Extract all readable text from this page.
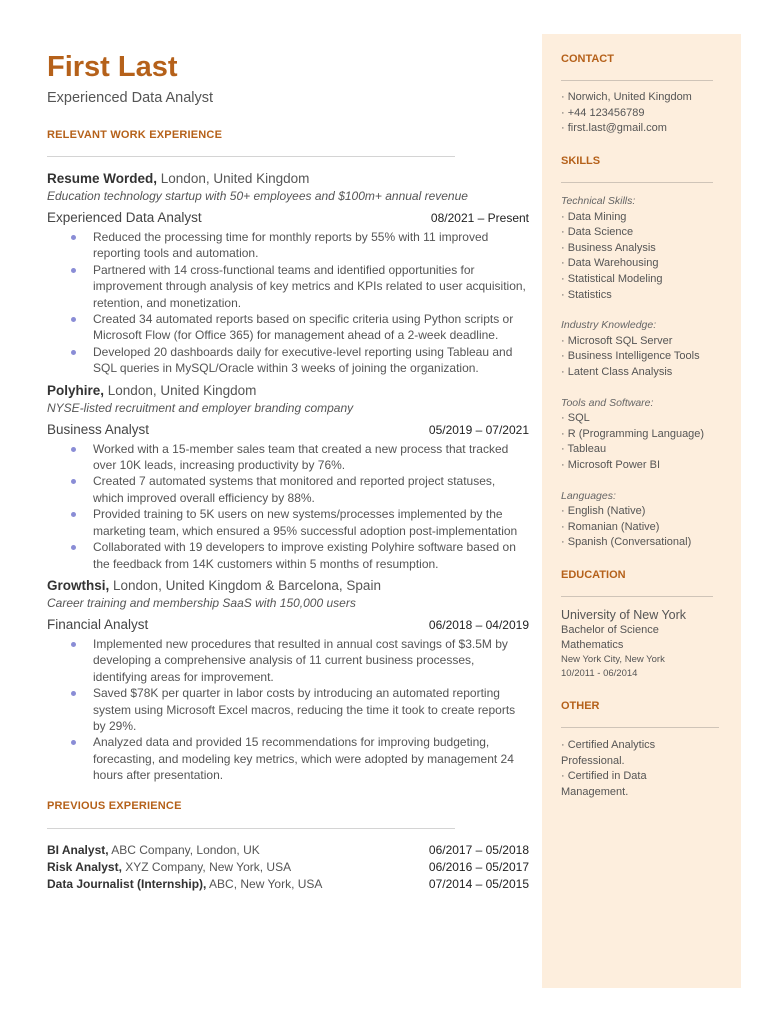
First Last
Experienced Data Analyst
RELEVANT WORK EXPERIENCE
Resume Worded, London, United Kingdom
Education technology startup with 50+ employees and $100m+ annual revenue
Experienced Data Analyst	08/2021 – Present
Reduced the processing time for monthly reports by 55% with 11 improved reporting tools and automation.
Partnered with 14 cross-functional teams and identified opportunities for improvement through analysis of key metrics and KPIs related to user acquisition, retention, and monetization.
Created 34 automated reports based on specific criteria using Python scripts or Microsoft Flow (for Office 365) for management ahead of a 2-week deadline.
Developed 20 dashboards daily for executive-level reporting using Tableau and SQL queries in MySQL/Oracle within 3 weeks of joining the organization.
Polyhire, London, United Kingdom
NYSE-listed recruitment and employer branding company
Business Analyst	05/2019 – 07/2021
Worked with a 15-member sales team that created a new process that tracked over 10K leads, increasing productivity by 76%.
Created 7 automated systems that monitored and reported project statuses, which improved overall efficiency by 88%.
Provided training to 5K users on new systems/processes implemented by the marketing team, which ensured a 95% successful adoption post-implementation
Collaborated with 19 developers to improve existing Polyhire software based on the feedback from 14K customers within 5 months of resumption.
Growthsi, London, United Kingdom & Barcelona, Spain
Career training and membership SaaS with 150,000 users
Financial Analyst	06/2018 – 04/2019
Implemented new procedures that resulted in annual cost savings of $3.5M by developing a comprehensive analysis of 11 current business processes, identifying areas for improvement.
Saved $78K per quarter in labor costs by introducing an automated reporting system using Microsoft Excel macros, reducing the time it took to create reports by 29%.
Analyzed data and provided 15 recommendations for improving budgeting, forecasting, and modeling key metrics, which were adopted by management 24 hours after presentation.
PREVIOUS EXPERIENCE
BI Analyst, ABC Company, London, UK	06/2017 – 05/2018
Risk Analyst, XYZ Company, New York, USA	06/2016 – 05/2017
Data Journalist (Internship), ABC, New York, USA	07/2014 – 05/2015
CONTACT
· Norwich, United Kingdom
· +44 123456789
· first.last@gmail.com
SKILLS
Technical Skills:
· Data Mining
· Data Science
· Business Analysis
· Data Warehousing
· Statistical Modeling
· Statistics
Industry Knowledge:
· Microsoft SQL Server
· Business Intelligence Tools
· Latent Class Analysis
Tools and Software:
· SQL
· R (Programming Language)
· Tableau
· Microsoft Power BI
Languages:
· English (Native)
· Romanian (Native)
· Spanish (Conversational)
EDUCATION
University of New York
Bachelor of Science
Mathematics
New York City, New York
10/2011 - 06/2014
OTHER
· Certified Analytics Professional.
· Certified in Data Management.
